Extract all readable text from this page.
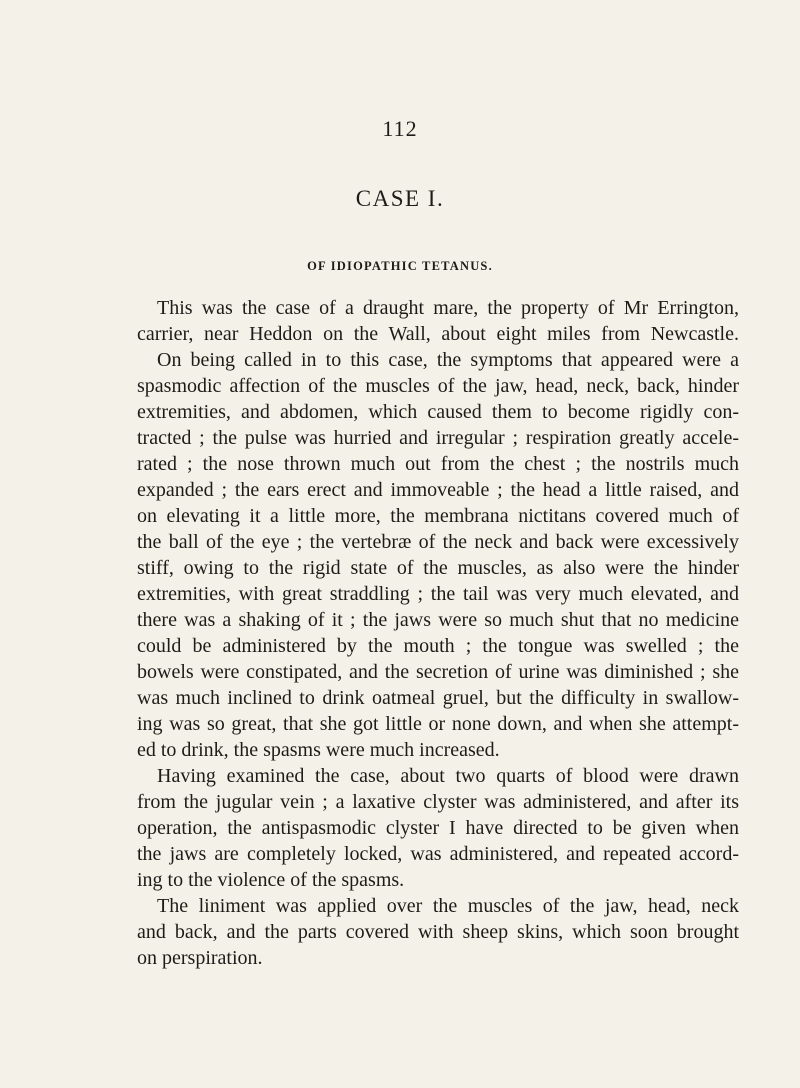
112
CASE I.
OF IDIOPATHIC TETANUS.
This was the case of a draught mare, the property of Mr Errington,
carrier, near Heddon on the Wall, about eight miles from Newcastle.
On being called in to this case, the symptoms that appeared were a
spasmodic affection of the muscles of the jaw, head, neck, back, hinder
extremities, and abdomen, which caused them to become rigidly con-
tracted ; the pulse was hurried and irregular ; respiration greatly accele-
rated ; the nose thrown much out from the chest ; the nostrils much
expanded ; the ears erect and immoveable ; the head a little raised, and
on elevating it a little more, the membrana nictitans covered much of
the ball of the eye ; the vertebræ of the neck and back were excessively
stiff, owing to the rigid state of the muscles, as also were the hinder
extremities, with great straddling ; the tail was very much elevated, and
there was a shaking of it ; the jaws were so much shut that no medicine
could be administered by the mouth ; the tongue was swelled ; the
bowels were constipated, and the secretion of urine was diminished ; she
was much inclined to drink oatmeal gruel, but the difficulty in swallow-
ing was so great, that she got little or none down, and when she attempt-
ed to drink, the spasms were much increased.
Having examined the case, about two quarts of blood were drawn
from the jugular vein ; a laxative clyster was administered, and after its
operation, the antispasmodic clyster I have directed to be given when
the jaws are completely locked, was administered, and repeated accord-
ing to the violence of the spasms.
The liniment was applied over the muscles of the jaw, head, neck
and back, and the parts covered with sheep skins, which soon brought
on perspiration.
